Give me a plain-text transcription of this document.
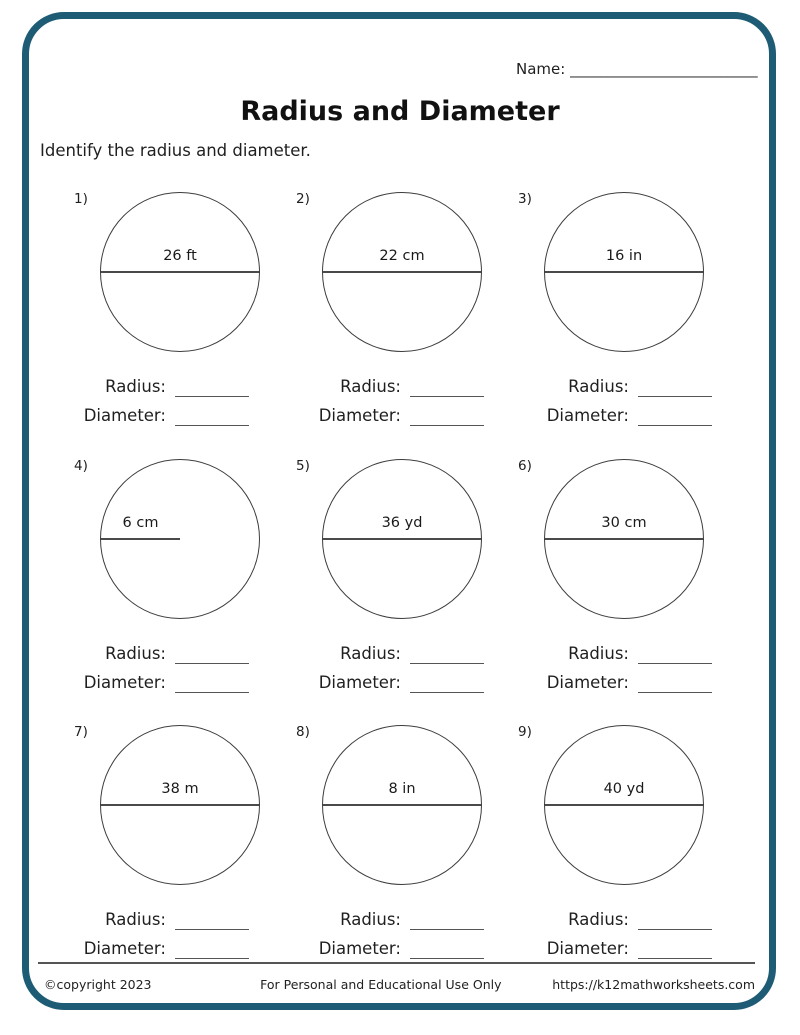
Name: _________________________
Radius and Diameter
Identify the radius and diameter.
1)
26 ft
Radius:
Diameter:
2)
22 cm
Radius:
Diameter:
3)
16 in
Radius:
Diameter:
4)
6 cm
Radius:
Diameter:
5)
36 yd
Radius:
Diameter:
6)
30 cm
Radius:
Diameter:
7)
38 m
Radius:
Diameter:
8)
8 in
Radius:
Diameter:
9)
40 yd
Radius:
Diameter:
©copyright 2023	For Personal and Educational Use Only	https://k12mathworksheets.com
